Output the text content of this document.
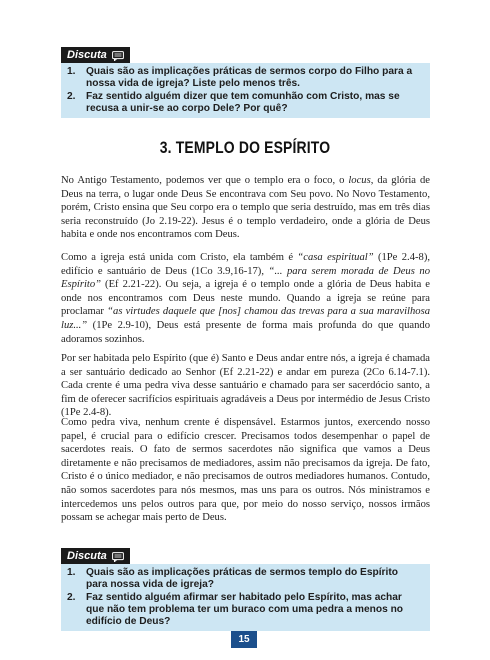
Discuta
1.	Quais são as implicações práticas de sermos corpo do Filho para a nossa vida de igreja? Liste pelo menos três.
2.	Faz sentido alguém dizer que tem comunhão com Cristo, mas se recusa a unir-se ao corpo Dele? Por quê?
3. TEMPLO DO ESPÍRITO

No Antigo Testamento, podemos ver que o templo era o foco, o locus, da glória de Deus na terra, o lugar onde Deus Se encontrava com Seu povo. No Novo Testamento, porém, Cristo ensina que Seu corpo era o templo que seria destruído, mas em três dias seria reconstruído (Jo 2.19-22). Jesus é o templo verdadeiro, onde a glória de Deus habita e onde nos encontramos com Deus.

Como a igreja está unida com Cristo, ela também é “casa espiritual” (1Pe 2.4-8), edifício e santuário de Deus (1Co 3.9,16-17), “... para serem morada de Deus no Espírito” (Ef 2.21-22). Ou seja, a igreja é o templo onde a glória de Deus habita e onde nos encontramos com Deus neste mundo. Quando a igreja se reúne para proclamar “as virtudes daquele que [nos] chamou das trevas para a sua maravilhosa luz...” (1Pe 2.9-10), Deus está presente de forma mais profunda do que quando adoramos sozinhos.

Por ser habitada pelo Espírito (que é) Santo e Deus andar entre nós, a igreja é chamada a ser santuário dedicado ao Senhor (Ef 2.21-22) e andar em pureza (2Co 6.14-7.1). Cada crente é uma pedra viva desse santuário e chamado para ser sacerdócio santo, a fim de oferecer sacrifícios espirituais agradáveis a Deus por intermédio de Jesus Cristo (1Pe 2.4-8).

Como pedra viva, nenhum crente é dispensável. Estarmos juntos, exercendo nosso papel, é crucial para o edifício crescer. Precisamos todos desempenhar o papel de sacerdotes reais. O fato de sermos sacerdotes não significa que vamos a Deus diretamente e não precisamos de mediadores, assim não precisamos da igreja. De fato, Cristo é o único mediador, e não precisamos de outros mediadores humanos. Contudo, não somos sacerdotes para nós mesmos, mas uns para os outros. Nós ministramos e intercedemos uns pelos outros para que, por meio do nosso serviço, nossos irmãos possam se achegar mais perto de Deus.

Discuta
1.	Quais são as implicações práticas de sermos templo do Espírito para nossa vida de igreja?
2.	Faz sentido alguém afirmar ser habitado pelo Espírito, mas achar que não tem problema ter um buraco com uma pedra a menos no edifício de Deus?
15
